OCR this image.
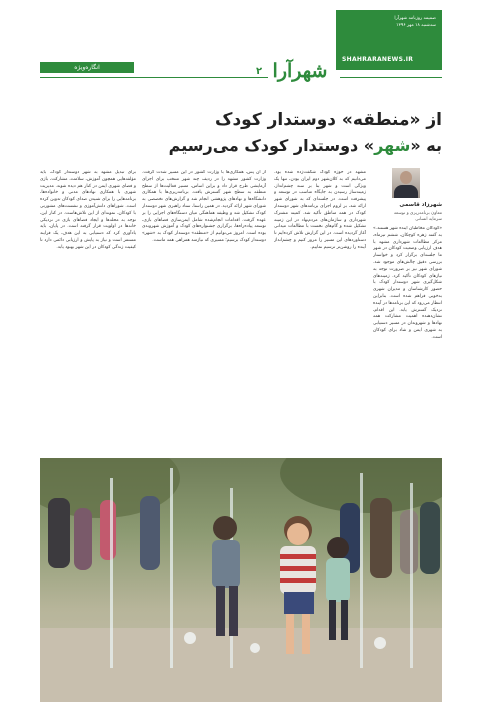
ضمیمه روزنامه شهرآرا
سه‌شنبه ۱۸ مهر ۱۳۹۶
SHAHRARANEWS.IR
شهرآرا
۲
انگاره‌ویژه
از «منطقه» دوستدار کودک
به «شهر» دوستدار کودک می‌رسیم
شهرزاد قاسمی
معاون برنامه‌ریزی و توسعه سرمایه انسانی
«کودکان مخاطبان آینده شهر هستند.» به گفته زهره کوچکان، ششم تیرماه، مرکز مطالعات شهرداری مشهد با هدف ارزیابی وضعیت کودکان در شهر ما جلسه‌ای برگزار کرد و خواستار بررسی دقیق چالش‌های موجود شد. شورای شهر نیز بر ضرورت توجه به نیازهای کودکان تأکید کرد. زمینه‌های شکل‌گیری شهر دوستدار کودک با حضور کارشناسان و مدیران شهری به‌خوبی فراهم شده است. بنابراین انتظار می‌رود که این برنامه‌ها در آینده نزدیک گسترش یابد. این اقدام، نشان‌دهنده اهمیت مشارکت همه نهادها و شهروندان در مسیر دستیابی به شهری ایمن و شاد برای کودکان است.
مشهد در حوزه کودک شگفت‌زده شده بود. می‌دانیم که به کلان‌شهر دوم ایران بودن، تنها یک ویژگی است و شهر بنا بر سند چشم‌انداز، زمینه‌ساز رسیدن به جایگاه مناسب در توسعه و پیشرفت است. در جلسه‌ای که به شورای شهر ارائه شد، بر لزوم اجرای برنامه‌های شهر دوستدار کودک در همه مناطق تأکید شد. کمیته مشترک شهرداری و سازمان‌های مردم‌نهاد در این زمینه تشکیل شده و گام‌های نخست با مطالعات میدانی آغاز گردیده است. در این گزارش تلاش کرده‌ایم تا دستاوردهای این مسیر را مرور کنیم و چشم‌انداز آینده را روشن‌تر ترسیم نماییم.
از آن پس، همکاری‌ها با وزارت کشور در این مسیر شدت گرفت. وزارت کشور مشهد را در ردیف چند شهر منتخب برای اجرای آزمایشی طرح قرار داد و براین اساس، مسیر فعالیت‌ها از سطح منطقه به سطح شهر گسترش یافت. برنامه‌ریزی‌ها با همکاری دانشگاه‌ها و نهادهای پژوهشی انجام شد و گزارش‌های تخصصی به شورای شهر ارائه گردید. در همین راستا، ستاد راهبری شهر دوستدار کودک تشکیل شد و وظیفه هماهنگی میان دستگاه‌های اجرایی را بر عهده گرفت. اقدامات انجام‌شده شامل ایمن‌سازی فضاهای بازی، توسعه پیاده‌راه‌ها، برگزاری جشنواره‌های کودک و آموزش شهروندی بوده است. امروز می‌توانیم از «منطقه» دوستدار کودک به «شهر» دوستدار کودک برسیم؛ مسیری که نیازمند همراهی همه ماست.
برای تبدیل مشهد به شهر دوستدار کودک، باید مؤلفه‌هایی همچون آموزش، سلامت، مشارکت، بازی و فضای شهری ایمن در کنار هم دیده شوند. مدیریت شهری با همکاری نهادهای مدنی و خانواده‌ها، برنامه‌هایی را برای شنیدن صدای کودکان تدوین کرده است. شوراهای دانش‌آموزی و نشست‌های مشورتی با کودکان، نمونه‌ای از این تلاش‌هاست. در کنار این، توجه به محله‌ها و ایجاد فضاهای بازی در نزدیکی خانه‌ها در اولویت قرار گرفته است. در پایان، باید یادآوری کرد که دستیابی به این هدف، یک فرایند مستمر است و نیاز به پایش و ارزیابی دائمی دارد تا کیفیت زندگی کودکان در این شهر بهبود یابد.
